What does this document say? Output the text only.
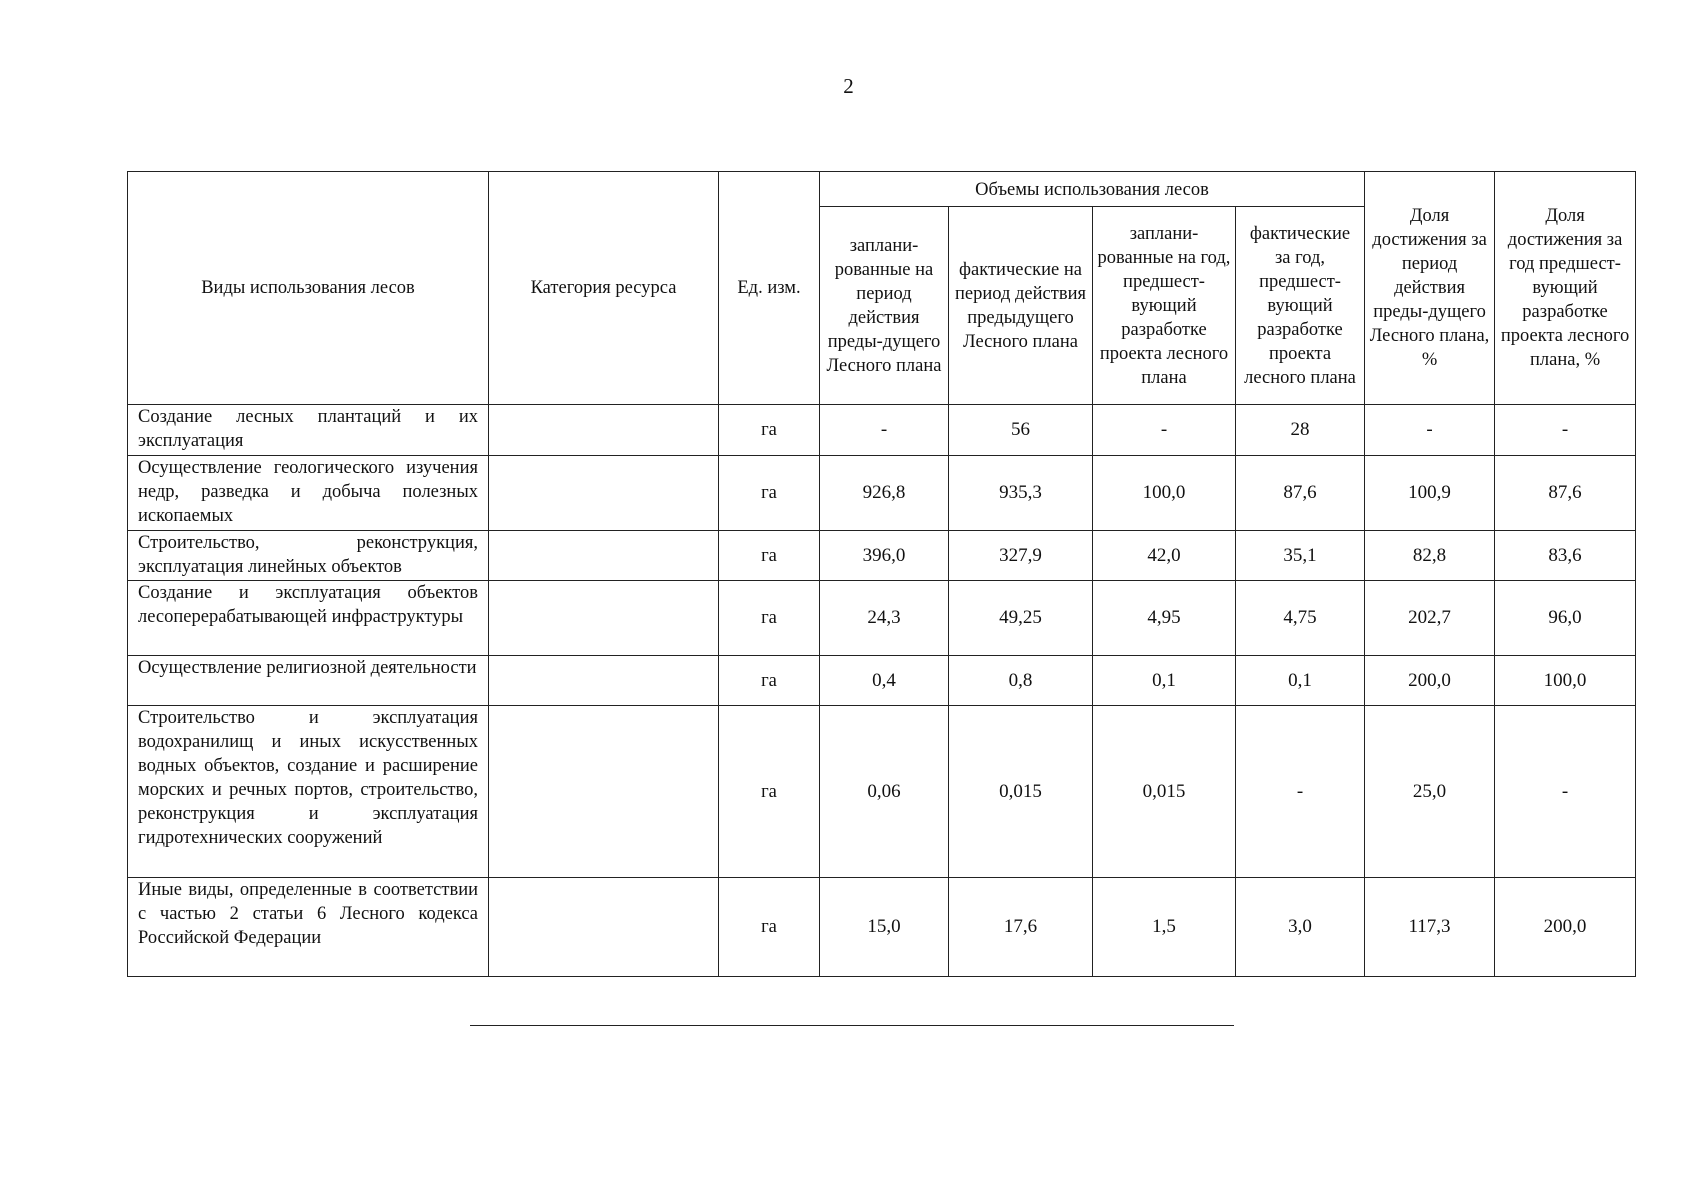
2
Виды использования лесов	Категория ресурса	Ед. изм.	Объемы использования лесов				Доля достижения за период действия преды-дущего Лесного плана, %	Доля достижения за год предшест-вующий разработке проекта лесного плана, %
			заплани-рованные на период действия преды-дущего Лесного плана	фактические на период действия предыдущего Лесного плана	заплани-рованные на год, предшест-вующий разработке проекта лесного плана	фактические за год, предшест-вующий разработке проекта лесного плана		
Создание лесных плантаций и их эксплуатация		га	-	56	-	28	-	-
Осуществление геологического изучения недр, разведка и добыча полезных ископаемых		га	926,8	935,3	100,0	87,6	100,9	87,6
Строительство, реконструкция, эксплуатация линейных объектов		га	396,0	327,9	42,0	35,1	82,8	83,6
Создание и эксплуатация объектов лесоперерабатывающей инфраструктуры		га	24,3	49,25	4,95	4,75	202,7	96,0
Осуществление религиозной деятельности		га	0,4	0,8	0,1	0,1	200,0	100,0
Строительство и эксплуатация водохранилищ и иных искусственных водных объектов, создание и расширение морских и речных портов, строительство, реконструкция и эксплуатация гидротехнических сооружений		га	0,06	0,015	0,015	-	25,0	-
Иные виды, определенные в соответствии с частью 2 статьи 6 Лесного кодекса Российской Федерации		га	15,0	17,6	1,5	3,0	117,3	200,0
